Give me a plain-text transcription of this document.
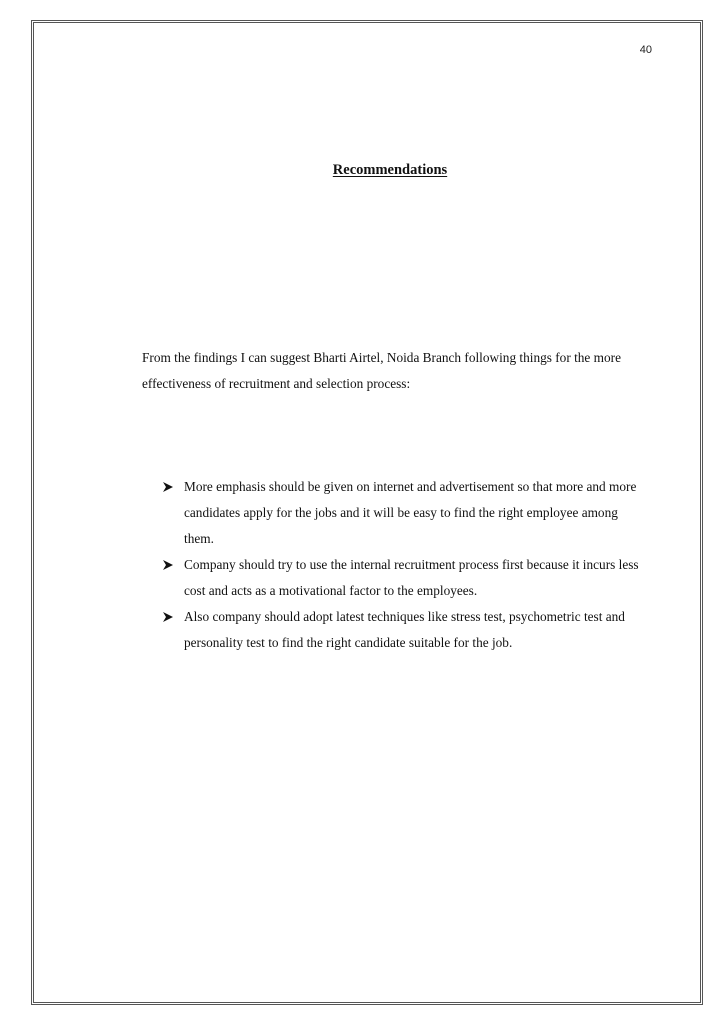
40
Recommendations

From the findings I can suggest Bharti Airtel, Noida Branch following things for the more effectiveness of recruitment and selection process:

More emphasis should be given on internet and advertisement so that more and more candidates apply for the jobs and it will be easy to find the right employee among them.
Company should try to use the internal recruitment process first because it incurs less cost and acts as a motivational factor to the employees.
Also company should adopt latest techniques like stress test, psychometric test and personality test to find the right candidate suitable for the job.
